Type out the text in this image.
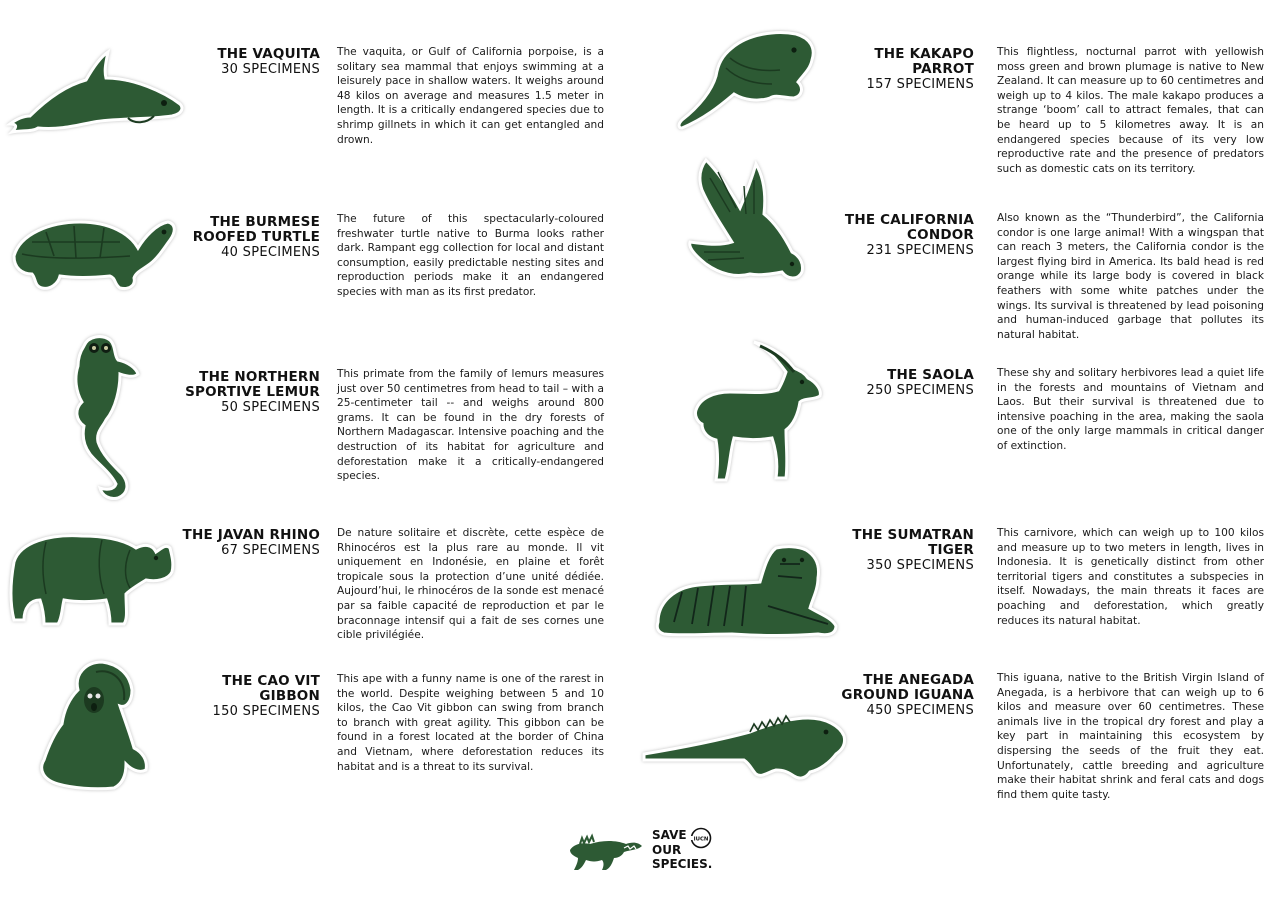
THE VAQUITA
30 SPECIMENS

The vaquita, or Gulf of California porpoise, is a solitary sea mammal that enjoys swimming at a leisurely pace in shallow waters. It weighs around 48 kilos on average and measures 1.5 meter in length. It is a critically endangered species due to shrimp gillnets in which it can get entangled and drown.

THE BURMESE ROOFED TURTLE
40 SPECIMENS

The future of this spectacularly-coloured freshwater turtle native to Burma looks rather dark. Rampant egg collection for local and distant consumption, easily predictable nesting sites and reproduction periods make it an endangered species with man as its first predator.

THE NORTHERN SPORTIVE LEMUR
50 SPECIMENS

This primate from the family of lemurs measures just over 50 centimetres from head to tail – with a 25-centimeter tail -- and weighs around 800 grams. It can be found in the dry forests of Northern Madagascar. Intensive poaching and the destruction of its habitat for agriculture and deforestation make it a critically-endangered species.

THE JAVAN RHINO
67 SPECIMENS

De nature solitaire et discrète, cette espèce de Rhinocéros est la plus rare au monde. Il vit uniquement en Indonésie, en plaine et forêt tropicale sous la protection d’une unité dédiée. Aujourd’hui, le rhinocéros de la sonde est menacé par sa faible capacité de reproduction et par le braconnage intensif qui a fait de ses cornes une cible privilégiée.

THE CAO VIT GIBBON
150 SPECIMENS

This ape with a funny name is one of the rarest in the world. Despite weighing between 5 and 10 kilos, the Cao Vit gibbon can swing from branch to branch with great agility. This gibbon can be found in a forest located at the border of China and Vietnam, where deforestation reduces its habitat and is a threat to its survival.

THE KAKAPO PARROT
157 SPECIMENS

This flightless, nocturnal parrot with yellowish moss green and brown plumage is native to New Zealand. It can measure up to 60 centimetres and weigh up to 4 kilos. The male kakapo produces a strange ‘boom’ call to attract females, that can be heard up to 5 kilometres away. It is an endangered species because of its very low reproductive rate and the presence of predators such as domestic cats on its territory.

THE CALIFORNIA CONDOR
231 SPECIMENS

Also known as the “Thunderbird”, the California condor is one large animal! With a wingspan that can reach 3 meters, the California condor is the largest flying bird in America. Its bald head is red orange while its large body is covered in black feathers with some white patches under the wings. Its survival is threatened by lead poisoning and human-induced garbage that pollutes its natural habitat.

THE SAOLA
250 SPECIMENS

These shy and solitary herbivores lead a quiet life in the forests and mountains of Vietnam and Laos. But their survival is threatened due to intensive poaching in the area, making the saola one of the only large mammals in critical danger of extinction.

THE SUMATRAN TIGER
350 SPECIMENS

This carnivore, which can weigh up to 100 kilos and measure up to two meters in length, lives in Indonesia. It is genetically distinct from other territorial tigers and constitutes a subspecies in itself. Nowadays, the main threats it faces are poaching and deforestation, which greatly reduces its natural habitat.

THE ANEGADA GROUND IGUANA
450 SPECIMENS

This iguana, native to the British Virgin Island of Anegada, is a herbivore that can weigh up to 6 kilos and measure over 60 centimetres. These animals live in the tropical dry forest and play a key part in maintaining this ecosystem by dispersing the seeds of the fruit they eat. Unfortunately, cattle breeding and agriculture make their habitat shrink and feral cats and dogs find them quite tasty.

SAVE
OUR
SPECIES.
IUCN
